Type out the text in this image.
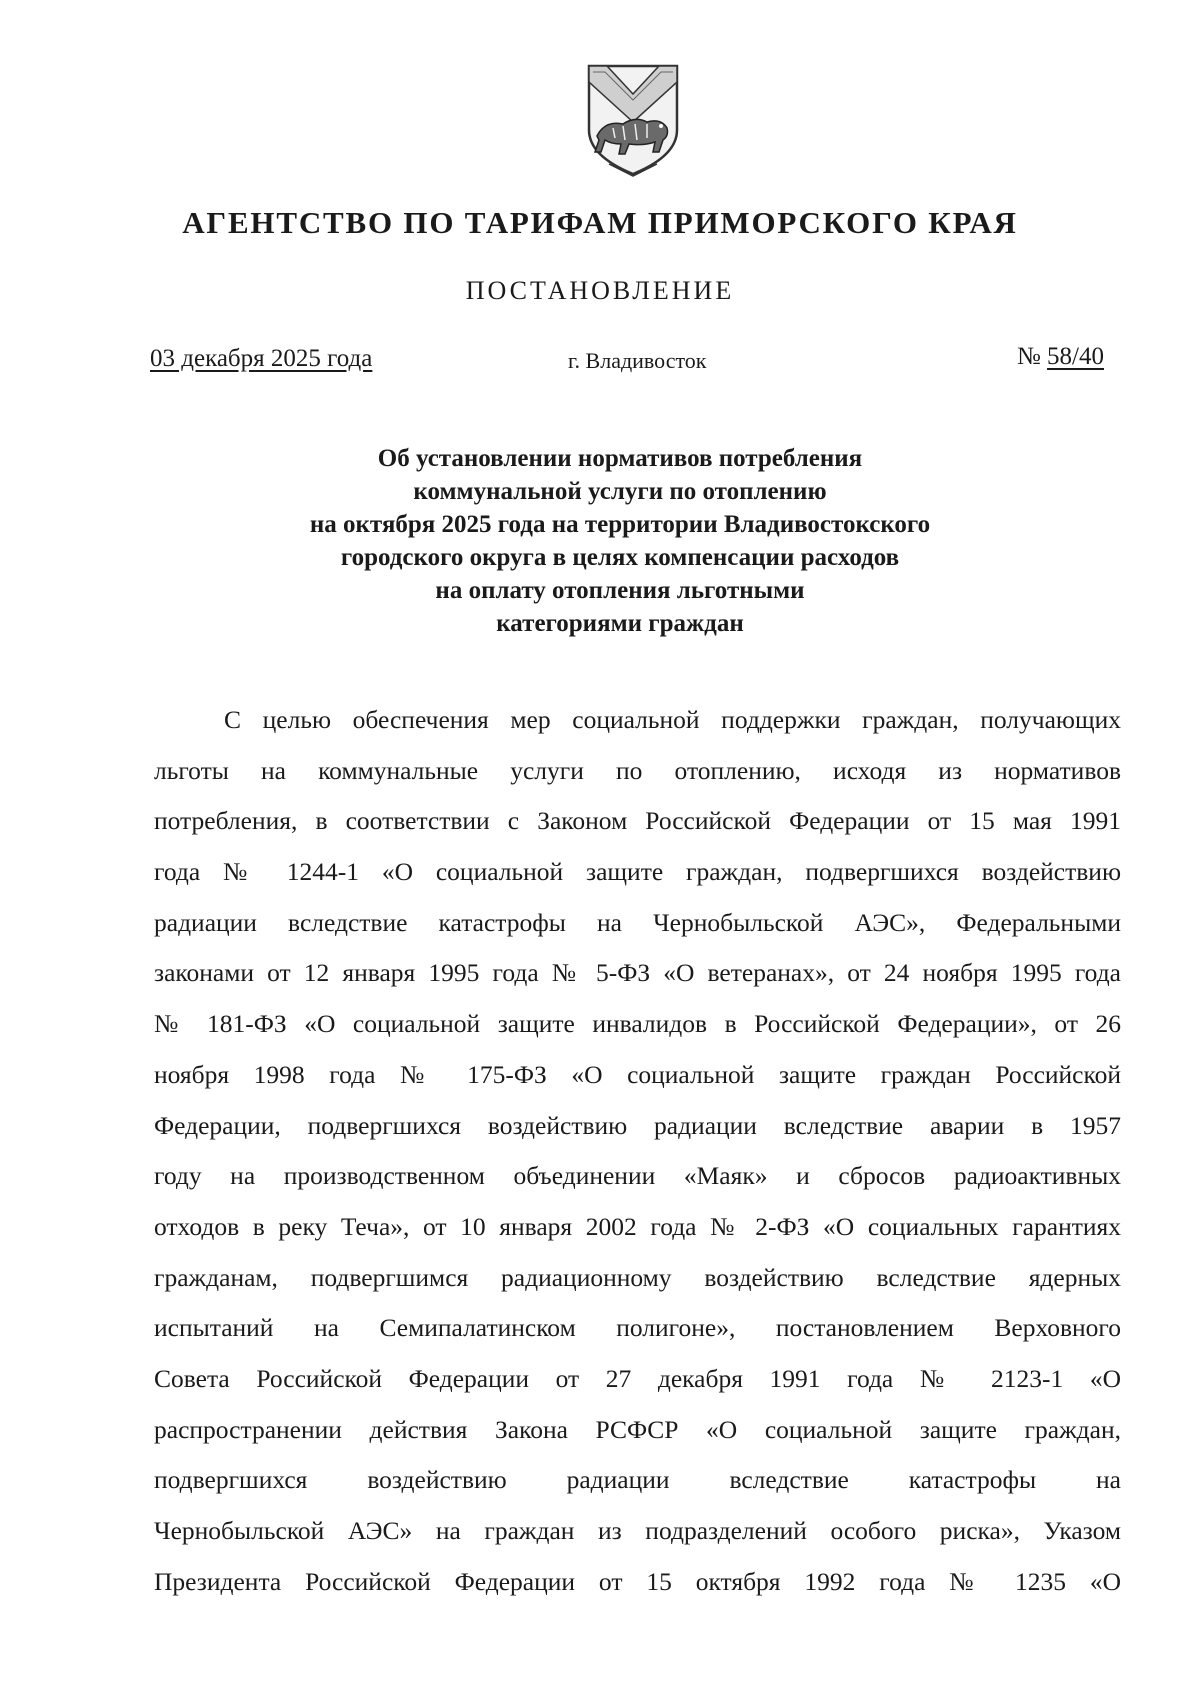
АГЕНТСТВО ПО ТАРИФАМ ПРИМОРСКОГО КРАЯ
ПОСТАНОВЛЕНИЕ
03 декабря 2025 года	г. Владивосток	№ 58/40
Об установлении нормативов потребления
коммунальной услуги по отоплению
на октября 2025 года на территории Владивостокского
городского округа в целях компенсации расходов
на оплату отопления льготными
категориями граждан
С целью обеспечения мер социальной поддержки граждан, получающих
льготы на коммунальные услуги по отоплению, исходя из нормативов
потребления, в соответствии с Законом Российской Федерации от 15 мая 1991
года № 1244-1 «О социальной защите граждан, подвергшихся воздействию
радиации вследствие катастрофы на Чернобыльской АЭС», Федеральными
законами от 12 января 1995 года № 5-ФЗ «О ветеранах», от 24 ноября 1995 года
№ 181-ФЗ «О социальной защите инвалидов в Российской Федерации», от 26
ноября 1998 года № 175-ФЗ «О социальной защите граждан Российской
Федерации, подвергшихся воздействию радиации вследствие аварии в 1957
году на производственном объединении «Маяк» и сбросов радиоактивных
отходов в реку Теча», от 10 января 2002 года № 2-ФЗ «О социальных гарантиях
гражданам, подвергшимся радиационному воздействию вследствие ядерных
испытаний на Семипалатинском полигоне», постановлением Верховного
Совета Российской Федерации от 27 декабря 1991 года № 2123-1 «О
распространении действия Закона РСФСР «О социальной защите граждан,
подвергшихся воздействию радиации вследствие катастрофы на
Чернобыльской АЭС» на граждан из подразделений особого риска», Указом
Президента Российской Федерации от 15 октября 1992 года № 1235 «О
